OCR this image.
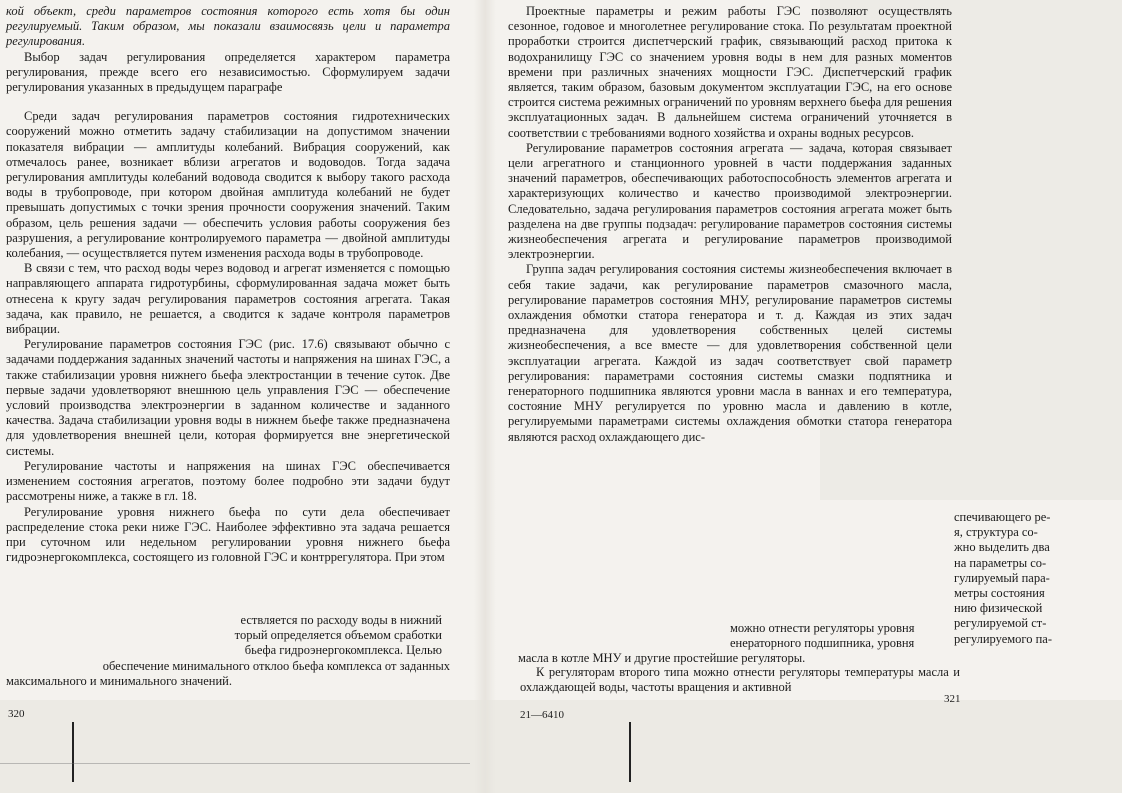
кой объект, среди параметров состояния которого есть хотя бы один регулируемый. Таким образом, мы показали взаимосвязь цели и параметра регулирования.

Выбор задач регулирования определяется характером параметра регулирования, прежде всего его независимостью. Сформулируем задачи регулирования указанных в предыдущем параграфе

Среди задач регулирования параметров состояния гидротехнических сооружений можно отметить задачу стабилизации на допустимом значении показателя вибрации — амплитуды колебаний. Вибрация сооружений, как отмечалось ранее, возникает вблизи агрегатов и водоводов. Тогда задача регулирования амплитуды колебаний водовода сводится к выбору такого расхода воды в трубопроводе, при котором двойная амплитуда колебаний не будет превышать допустимых с точки зрения прочности сооружения значений. Таким образом, цель решения задачи — обеспечить условия работы сооружения без разрушения, а регулирование контролируемого параметра — двойной амплитуды колебания, — осуществляется путем изменения расхода воды в трубопроводе.

В связи с тем, что расход воды через водовод и агрегат изменяется с помощью направляющего аппарата гидротурбины, сформулированная задача может быть отнесена к кругу задач регулирования параметров состояния агрегата. Такая задача, как правило, не решается, а сводится к задаче контроля параметров вибрации.

Регулирование параметров состояния ГЭС (рис. 17.6) связывают обычно с задачами поддержания заданных значений частоты и напряжения на шинах ГЭС, а также стабилизации уровня нижнего бьефа электростанции в течение суток. Две первые задачи удовлетворяют внешнюю цель управления ГЭС — обеспечение условий производства электроэнергии в заданном количестве и заданного качества. Задача стабилизации уровня воды в нижнем бьефе также предназначена для удовлетворения внешней цели, которая формируется вне энергетической системы.

Регулирование частоты и напряжения на шинах ГЭС обеспечивается изменением состояния агрегатов, поэтому более подробно эти задачи будут рассмотрены ниже, а также в гл. 18.

Регулирование уровня нижнего бьефа по сути дела обеспечивает распределение стока реки ниже ГЭС. Наиболее эффективно эта задача решается при суточном или недельном регулировании уровня нижнего бьефа гидроэнергокомплекса, состоящего из головной ГЭС и контррегулятора. При этом

ествляется по расходу воды в нижний
торый определяется объемом сработки
бьефа гидроэнергокомплекса. Целью
обеспечение минимального отклоо бьефа комплекса от заданных
максимального и минимального значений.
320

Проектные параметры и режим работы ГЭС позволяют осуществлять сезонное, годовое и многолетнее регулирование стока. По результатам проектной проработки строится диспетчерский график, связывающий расход притока к водохранилищу ГЭС со значением уровня воды в нем для разных моментов времени при различных значениях мощности ГЭС. Диспетчерский график является, таким образом, базовым документом эксплуатации ГЭС, на его основе строится система режимных ограничений по уровням верхнего бьефа для решения эксплуатационных задач. В дальнейшем система ограничений уточняется в соответствии с требованиями водного хозяйства и охраны водных ресурсов.

Регулирование параметров состояния агрегата — задача, которая связывает цели агрегатного и станционного уровней в части поддержания заданных значений параметров, обеспечивающих работоспособность элементов агрегата и характеризующих количество и качество производимой электроэнергии. Следовательно, задача регулирования параметров состояния агрегата может быть разделена на две группы подзадач: регулирование параметров состояния системы жизнеобеспечения агрегата и регулирование параметров производимой электроэнергии.

Группа задач регулирования состояния системы жизнеобеспечения включает в себя такие задачи, как регулирование параметров смазочного масла, регулирование параметров состояния МНУ, регулирование параметров системы охлаждения обмотки статора генератора и т. д. Каждая из этих задач предназначена для удовлетворения собственных целей системы жизнеобеспечения, а все вместе — для удовлетворения собственной цели эксплуатации агрегата. Каждой из задач соответствует свой параметр регулирования: параметрами состояния системы смазки подпятника и генераторного подшипника являются уровни масла в ваннах и его температура, состояние МНУ регулируется по уровню масла и давлению в котле, регулируемыми параметрами системы охлаждения обмотки статора генератора являются расход охлаждающего дис-

спечивающего ре-
я, структура со-
жно выделить два
на параметры со-
гулируемый пара-
метры состояния
нию физической
регулируемой ст-
регулируемого па-
можно отнести регуляторы уровня
енераторного подшипника, уровня
масла в котле МНУ и другие простейшие регуляторы.
К регуляторам второго типа можно отнести регуляторы температуры масла и охлаждающей воды, частоты вращения и активной
321
21—6410
